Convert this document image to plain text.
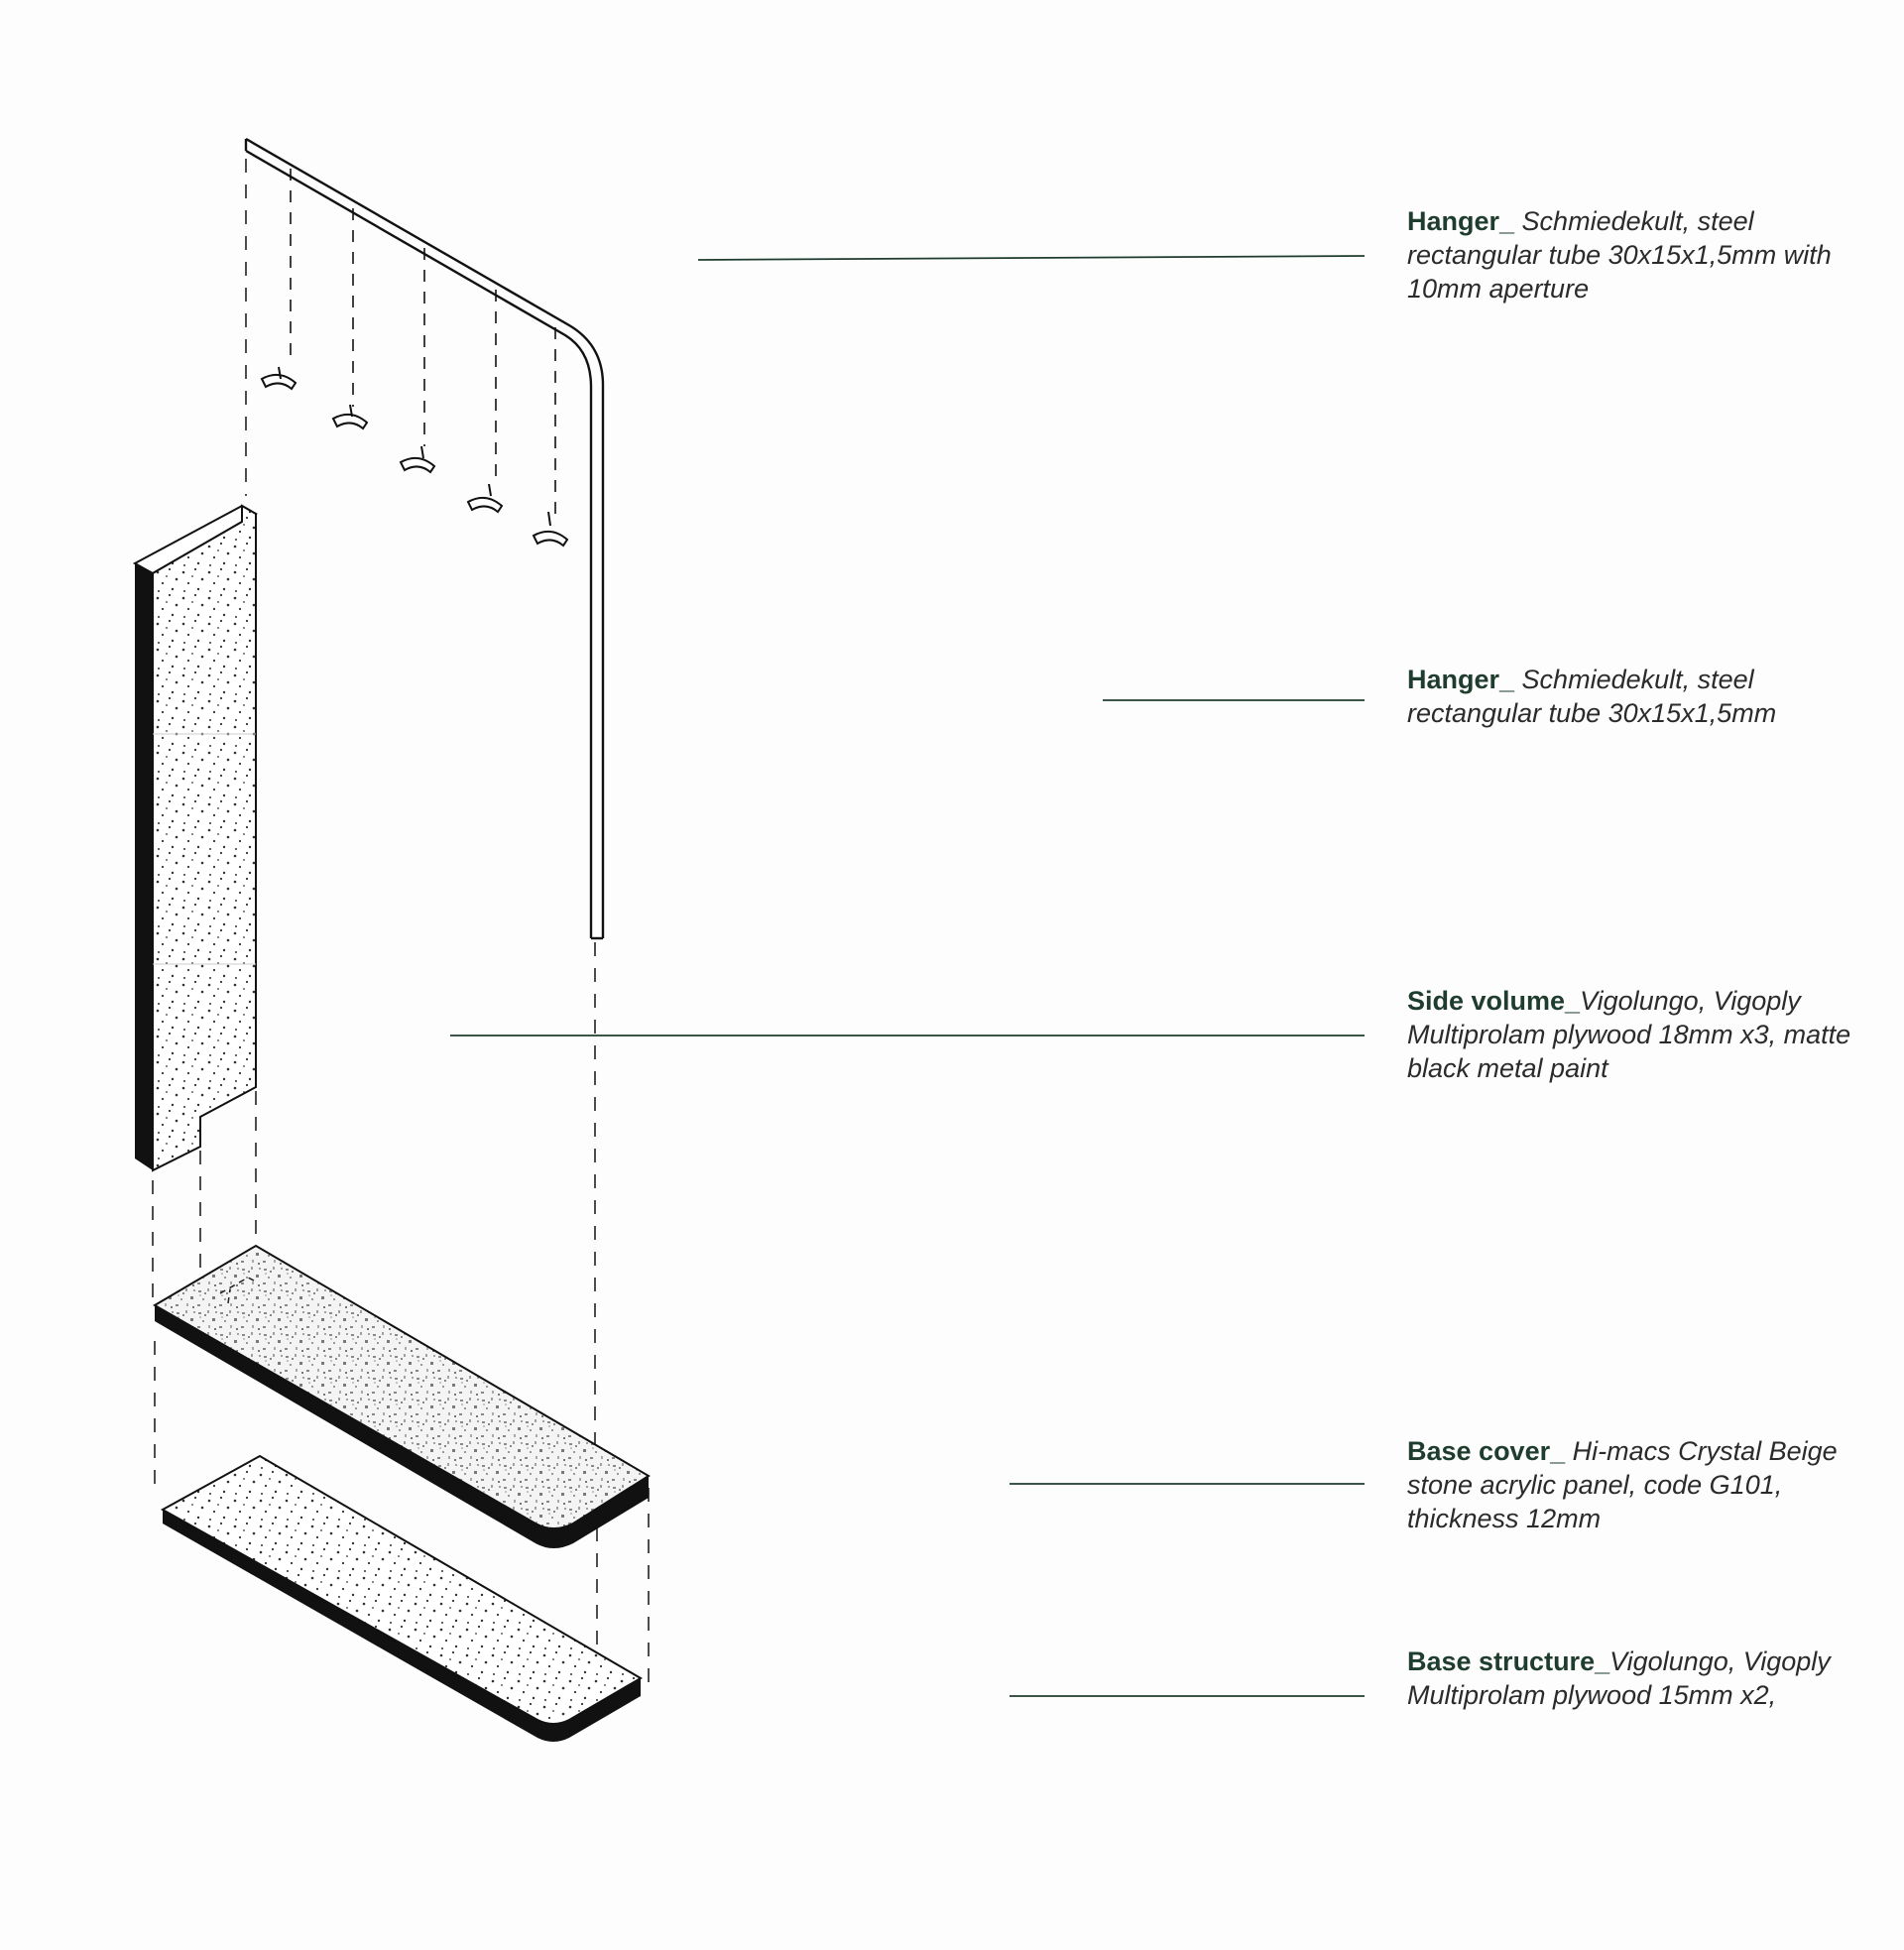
Hanger_ Schmiedekult, steel rectangular tube 30x15x1,5mm with 10mm aperture
Hanger_ Schmiedekult, steel rectangular tube 30x15x1,5mm
Side volume_Vigolungo, Vigoply Multiprolam plywood 18mm x3, matte black metal paint
Base cover_ Hi-macs Crystal Beige stone acrylic panel, code G101, thickness 12mm
Base structure_Vigolungo, Vigoply Multiprolam plywood 15mm x2,
